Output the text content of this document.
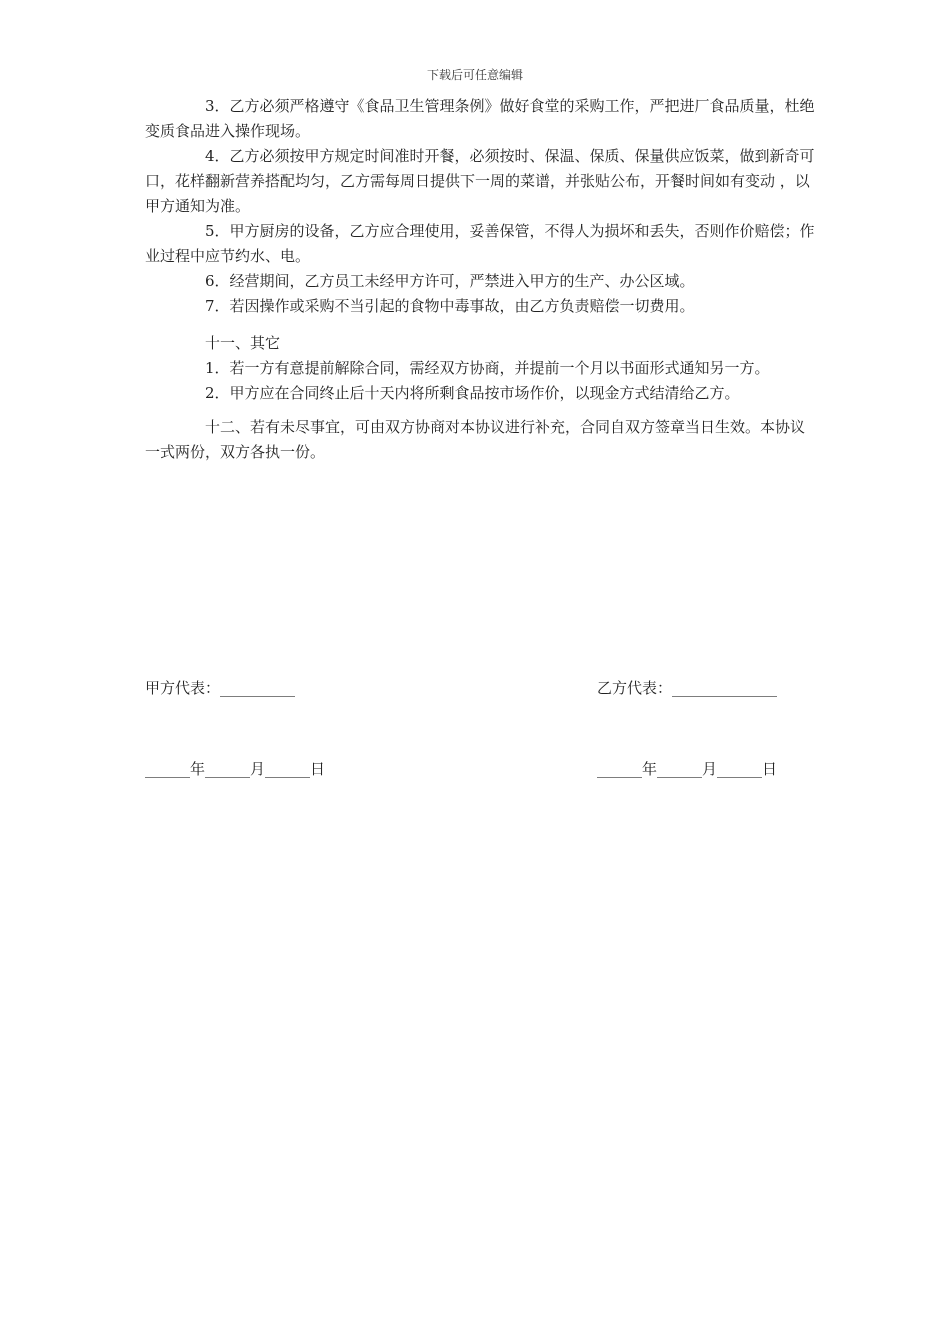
下载后可任意编辑

3．乙方必须严格遵守《食品卫生管理条例》做好食堂的采购工作，严把进厂食品质量，杜绝变质食品进入操作现场。

4．乙方必须按甲方规定时间准时开餐，必须按时、保温、保质、保量供应饭菜，做到新奇可口，花样翻新营养搭配均匀，乙方需每周日提供下一周的菜谱，并张贴公布，开餐时间如有变动 ，以甲方通知为准。

5．甲方厨房的设备，乙方应合理使用，妥善保管，不得人为损坏和丢失，否则作价赔偿；作业过程中应节约水、电。

6．经营期间，乙方员工未经甲方许可，严禁进入甲方的生产、办公区域。

7．若因操作或采购不当引起的食物中毒事故，由乙方负责赔偿一切费用。

十一、其它

1．若一方有意提前解除合同，需经双方协商，并提前一个月以书面形式通知另一方。

2．甲方应在合同终止后十天内将所剩食品按市场作价，以现金方式结清给乙方。

十二、若有未尽事宜，可由双方协商对本协议进行补充，合同自双方签章当日生效。本协议一式两份，双方各执一份。

甲方代表：__________	乙方代表：______________
______年______月______日	______年______月______日
